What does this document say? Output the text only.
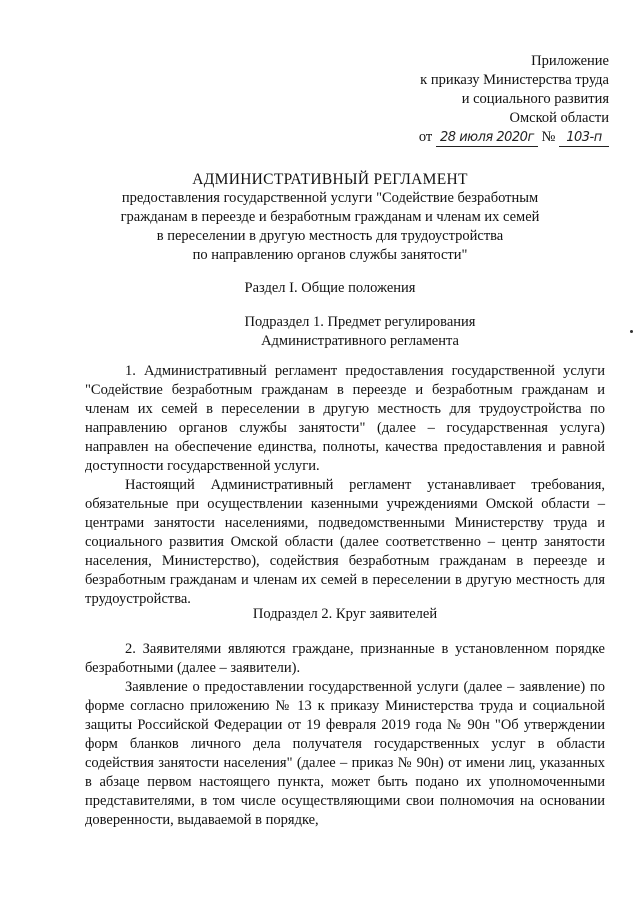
Приложение
к приказу Министерства труда
и социального развития
Омской области
от 28 июля 2020г № 103-п
АДМИНИСТРАТИВНЫЙ РЕГЛАМЕНТ
предоставления государственной услуги "Содействие безработным
гражданам в переезде и безработным гражданам и членам их семей
в переселении в другую местность для трудоустройства
по направлению органов службы занятости"
Раздел I. Общие положения
Подраздел 1. Предмет регулирования
Административного регламента

1. Административный регламент предоставления государственной услуги "Содействие безработным гражданам в переезде и безработным гражданам и членам их семей в переселении в другую местность для трудоустройства по направлению органов службы занятости" (далее – государственная услуга) направлен на обеспечение единства, полноты, качества предоставления и равной доступности государственной услуги.

Настоящий Административный регламент устанавливает требования, обязательные при осуществлении казенными учреждениями Омской области – центрами занятости населениями, подведомственными Министерству труда и социального развития Омской области (далее соответственно – центр занятости населения, Министерство), содействия безработным гражданам в переезде и безработным гражданам и членам их семей в переселении в другую местность для трудоустройства.

Подраздел 2. Круг заявителей

2. Заявителями являются граждане, признанные в установленном порядке безработными (далее – заявители).

Заявление о предоставлении государственной услуги (далее – заявление) по форме согласно приложению № 13 к приказу Министерства труда и социальной защиты Российской Федерации от 19 февраля 2019 года № 90н "Об утверждении форм бланков личного дела получателя государственных услуг в области содействия занятости населения" (далее – приказ № 90н) от имени лиц, указанных в абзаце первом настоящего пункта, может быть подано их уполномоченными представителями, в том числе осуществляющими свои полномочия на основании доверенности, выдаваемой в порядке,
